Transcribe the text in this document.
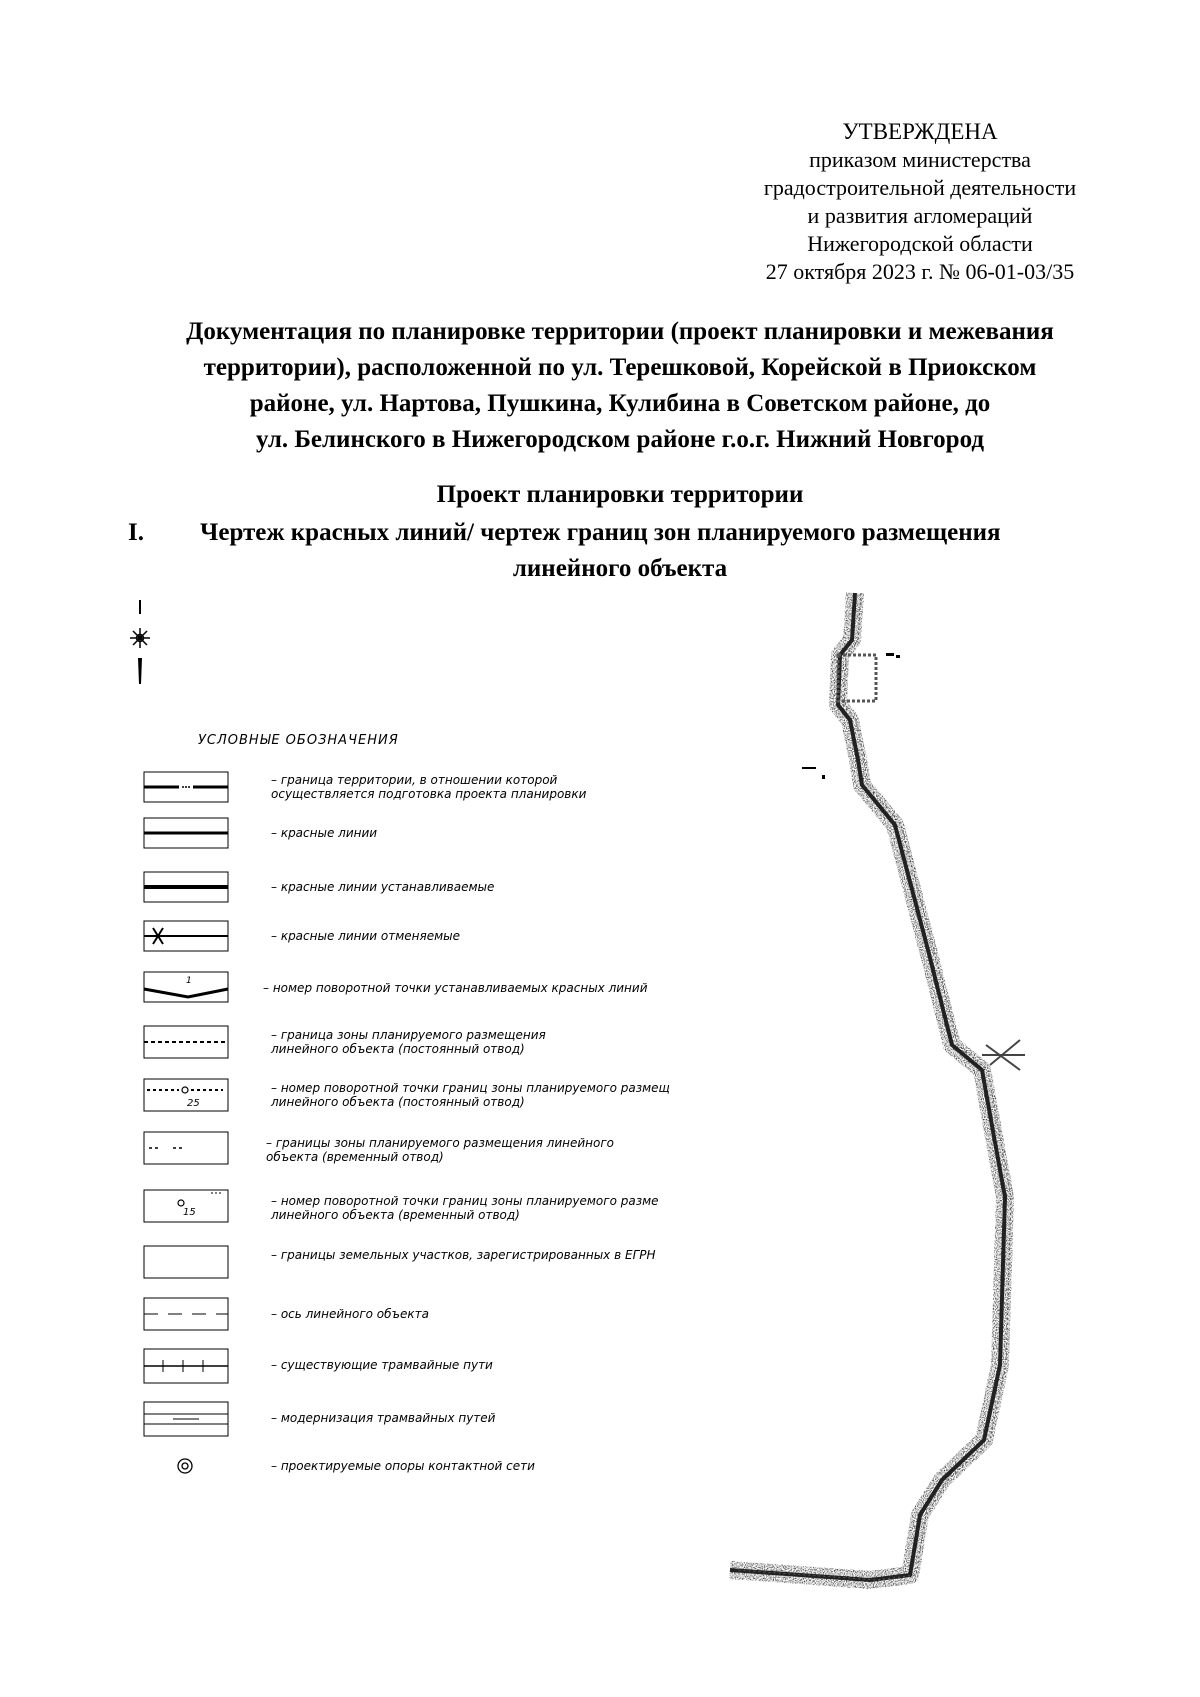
УТВЕРЖДЕНА
приказом министерства
градостроительной деятельности
и развития агломераций
Нижегородской области
27 октября 2023 г. № 06-01-03/35
Документация по планировке территории (проект планировки и межевания
территории), расположенной по ул. Терешковой, Корейской в Приокском
районе, ул. Нартова, Пушкина, Кулибина в Советском районе, до
ул. Белинского в Нижегородском районе г.о.г. Нижний Новгород
Проект планировки территории
I. Чертеж красных линий/ чертеж границ зон планируемого размещения
линейного объекта
УСЛОВНЫЕ ОБОЗНАЧЕНИЯ
– граница территории, в отношении которой
осуществляется подготовка проекта планировки
– красные линии
– красные линии устанавливаемые
– красные линии отменяемые
1	– номер поворотной точки устанавливаемых красных линий
– граница зоны планируемого размещения
линейного объекта (постоянный отвод)
25
– номер поворотной точки границ зоны планируемого размещ
линейного объекта (постоянный отвод)
– границы зоны планируемого размещения линейного
объекта (временный отвод)
15
– номер поворотной точки границ зоны планируемого разме
линейного объекта (временный отвод)
– границы земельных участков, зарегистрированных в ЕГРН
– ось линейного объекта
– существующие трамвайные пути
– модернизация трамвайных путей
– проектируемые опоры контактной сети
